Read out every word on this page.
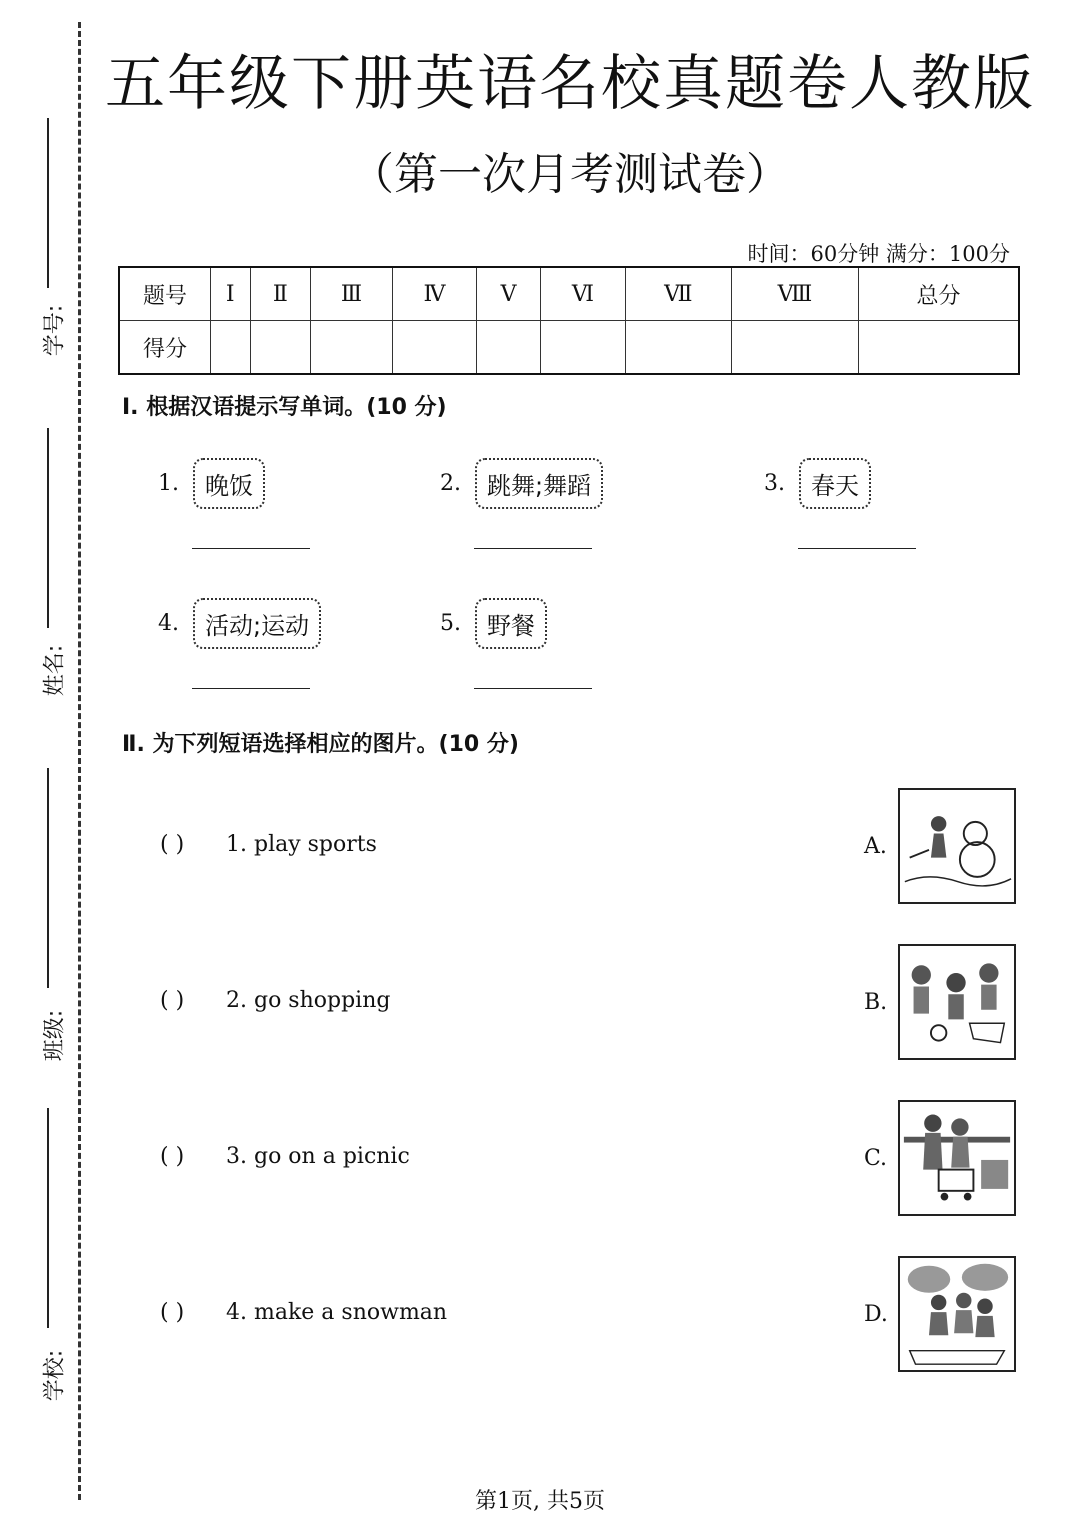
学号:
姓名:
班级:
学校:
五年级下册英语名校真题卷人教版
（第一次月考测试卷）
时间：60分钟 满分：100分
题号	Ⅰ	Ⅱ	Ⅲ	Ⅳ	Ⅴ	Ⅵ	Ⅶ	Ⅷ	总分
得分									
Ⅰ. 根据汉语提示写单词。(10 分)
1.	晚饭	2.	跳舞;舞蹈	3.	春天
4.	活动;运动	5.	野餐
Ⅱ. 为下列短语选择相应的图片。(10 分)
( ) 1. play sports	A.
( ) 2. go shopping	B.
( ) 3. go on a picnic	C.
( ) 4. make a snowman	D.
第1页, 共5页
